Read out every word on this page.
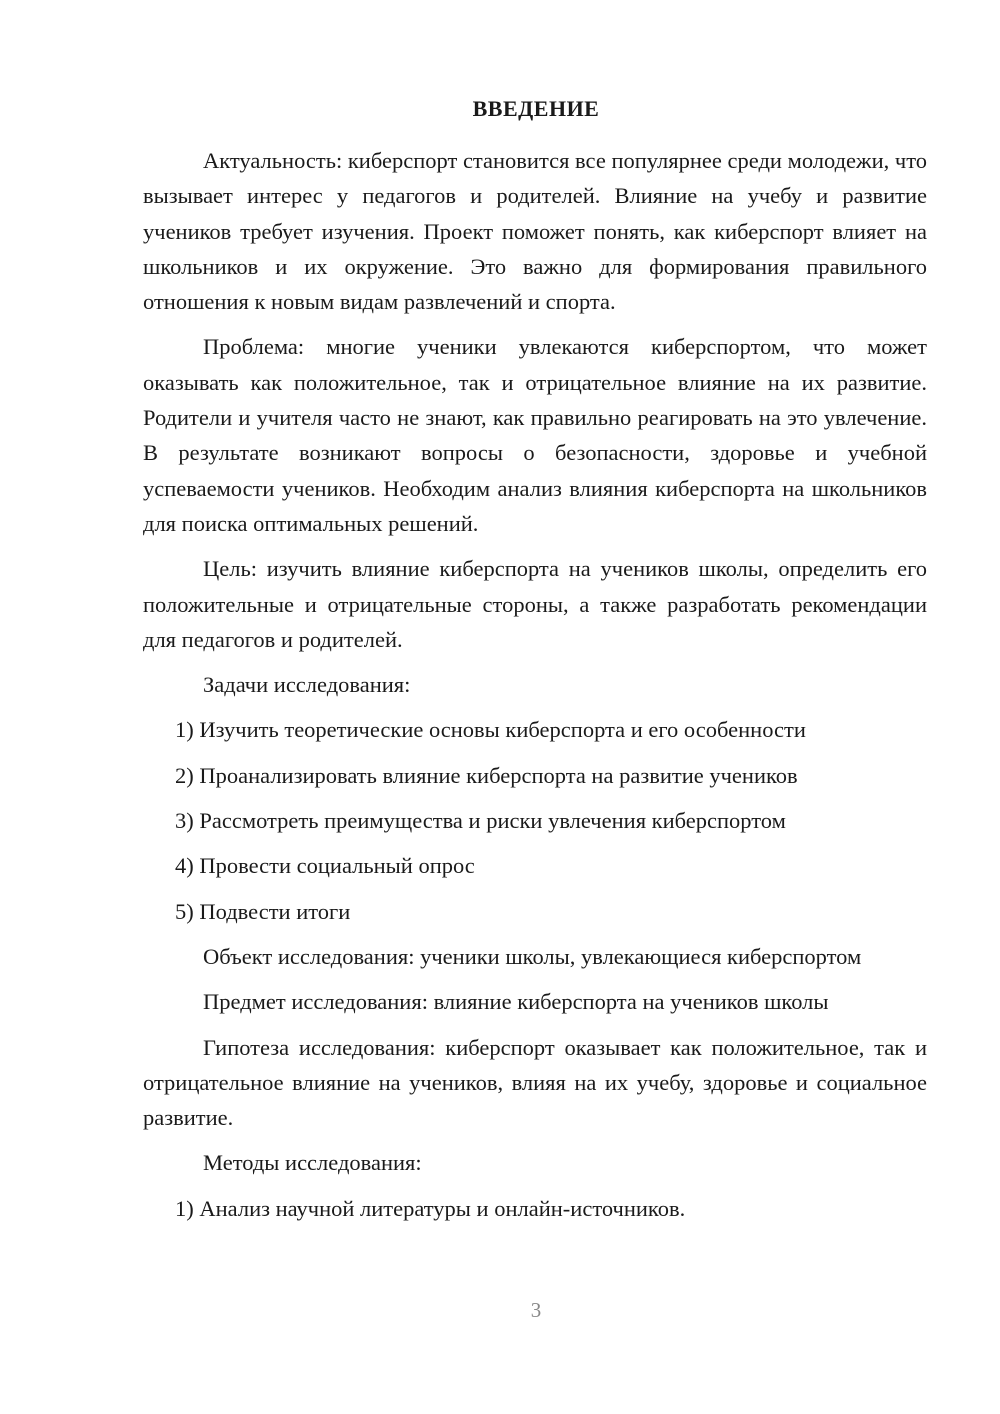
ВВЕДЕНИЕ

Актуальность: киберспорт становится все популярнее среди молодежи, что вызывает интерес у педагогов и родителей. Влияние на учебу и развитие учеников требует изучения. Проект поможет понять, как киберспорт влияет на школьников и их окружение. Это важно для формирования правильного отношения к новым видам развлечений и спорта.

Проблема: многие ученики увлекаются киберспортом, что может оказывать как положительное, так и отрицательное влияние на их развитие. Родители и учителя часто не знают, как правильно реагировать на это увлечение. В результате возникают вопросы о безопасности, здоровье и учебной успеваемости учеников. Необходим анализ влияния киберспорта на школьников для поиска оптимальных решений.

Цель: изучить влияние киберспорта на учеников школы, определить его положительные и отрицательные стороны, а также разработать рекомендации для педагогов и родителей.

Задачи исследования:

1) Изучить теоретические основы киберспорта и его особенности
2) Проанализировать влияние киберспорта на развитие учеников
3) Рассмотреть преимущества и риски увлечения киберспортом
4) Провести социальный опрос
5) Подвести итоги

Объект исследования: ученики школы, увлекающиеся киберспортом

Предмет исследования: влияние киберспорта на учеников школы

Гипотеза исследования: киберспорт оказывает как положительное, так и отрицательное влияние на учеников, влияя на их учебу, здоровье и социальное развитие.

Методы исследования:

1) Анализ научной литературы и онлайн-источников.
3
